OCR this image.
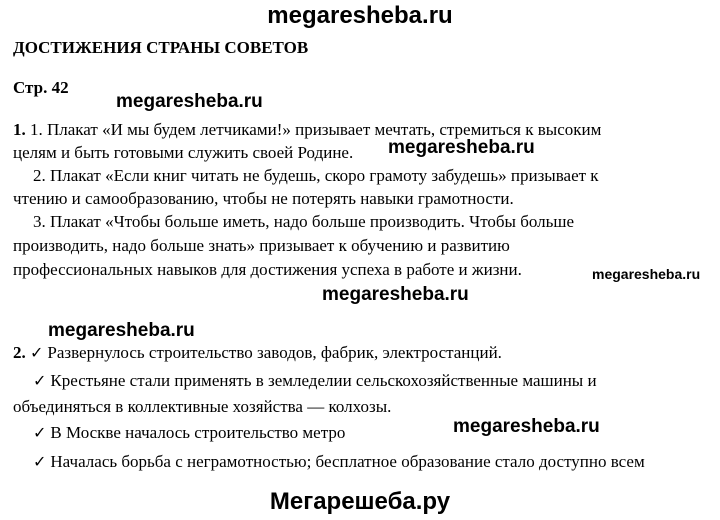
megaresheba.ru
ДОСТИЖЕНИЯ СТРАНЫ СОВЕТОВ
Стр. 42
megaresheba.ru
1. 1. Плакат «И мы будем летчиками!» призывает мечтать, стремиться к высоким
целям и быть готовыми служить своей Родине. megaresheba.ru
2. Плакат «Если книг читать не будешь, скоро грамоту забудешь» призывает к
чтению и самообразованию, чтобы не потерять навыки грамотности.
3. Плакат «Чтобы больше иметь, надо больше производить. Чтобы больше
производить, надо больше знать» призывает к обучению и развитию
профессиональных навыков для достижения успеха в работе и жизни.	megaresheba.ru
megaresheba.ru
megaresheba.ru
2. ✓ Развернулось строительство заводов, фабрик, электростанций.
✓ Крестьяне стали применять в земледелии сельскохозяйственные машины и
объединяться в коллективные хозяйства — колхозы.
✓ В Москве началось строительство метро	megaresheba.ru
✓ Началась борьба с неграмотностью; бесплатное образование стало доступно всем
Мегарешеба.ру
